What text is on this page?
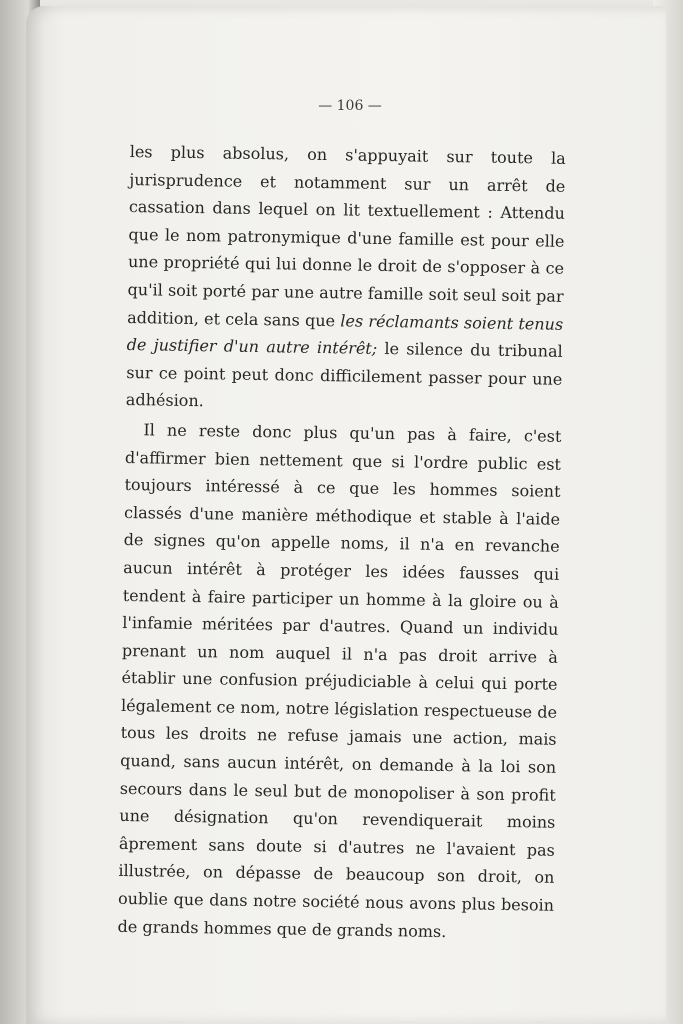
— 106 —

les plus absolus, on s'appuyait sur toute la jurisprudence et notamment sur un arrêt de cassation dans lequel on lit textuellement : Attendu que le nom patronymique d'une famille est pour elle une propriété qui lui donne le droit de s'opposer à ce qu'il soit porté par une autre famille soit seul soit par addition, et cela sans que les réclamants soient tenus de justifier d'un autre intérêt; le silence du tribunal sur ce point peut donc difficilement passer pour une adhésion.

Il ne reste donc plus qu'un pas à faire, c'est d'affirmer bien nettement que si l'ordre public est toujours intéressé à ce que les hommes soient classés d'une manière méthodique et stable à l'aide de signes qu'on appelle noms, il n'a en revanche aucun intérêt à protéger les idées fausses qui tendent à faire participer un homme à la gloire ou à l'infamie méritées par d'autres. Quand un individu prenant un nom auquel il n'a pas droit arrive à établir une confusion préjudiciable à celui qui porte légalement ce nom, notre législation respectueuse de tous les droits ne refuse jamais une action, mais quand, sans aucun intérêt, on demande à la loi son secours dans le seul but de monopoliser à son profit une désignation qu'on revendiquerait moins âprement sans doute si d'autres ne l'avaient pas illustrée, on dépasse de beaucoup son droit, on oublie que dans notre société nous avons plus besoin de grands hommes que de grands noms.
